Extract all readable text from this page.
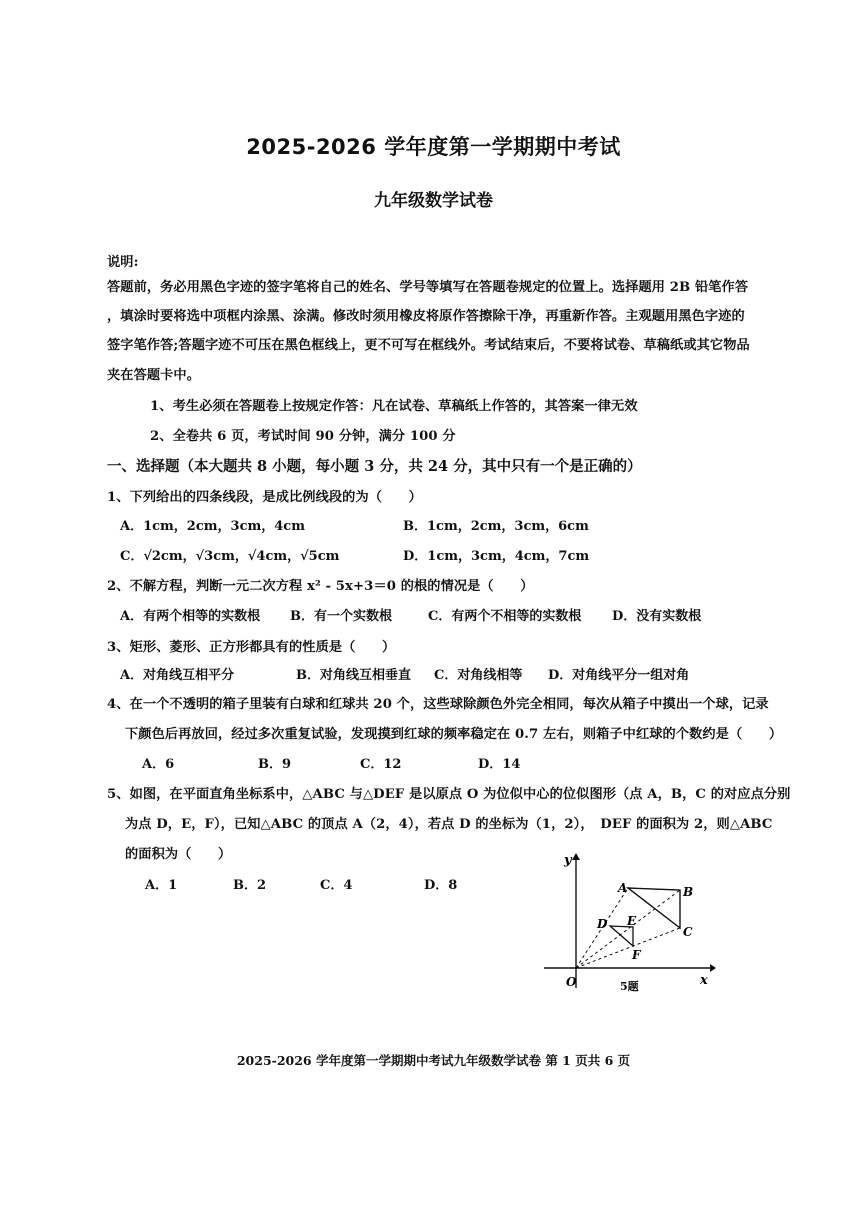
2025-2026 学年度第一学期期中考试
九年级数学试卷
说明:
答题前，务必用黑色字迹的签字笔将自己的姓名、学号等填写在答题卷规定的位置上。选择题用 2B 铅笔作答
，填涂时要将选中项框内涂黑、涂满。修改时须用橡皮将原作答擦除干净，再重新作答。主观题用黑色字迹的
签字笔作答;答题字迹不可压在黑色框线上，更不可写在框线外。考试结束后，不要将试卷、草稿纸或其它物品
夹在答题卡中。
1、考生必须在答题卷上按规定作答：凡在试卷、草稿纸上作答的，其答案一律无效
2、全卷共 6 页，考试时间 90 分钟，满分 100 分
一、选择题（本大题共 8 小题，每小题 3 分，共 24 分，其中只有一个是正确的）
1、下列给出的四条线段，是成比例线段的为（　　）
A．1cm，2cm，3cm，4cm	B．1cm，2cm，3cm，6cm
C．√2cm，√3cm，√4cm，√5cm	D．1cm，3cm，4cm，7cm
2、不解方程，判断一元二次方程 x² - 5x+3＝0 的根的情况是（　　）
A．有两个相等的实数根 B．有一个实数根	C．有两个不相等的实数根 D．没有实数根
3、矩形、菱形、正方形都具有的性质是（　　）
A．对角线互相平分	B．对角线互相垂直 C．对角线相等 D．对角线平分一组对角
4、在一个不透明的箱子里装有白球和红球共 20 个，这些球除颜色外完全相同，每次从箱子中摸出一个球，记录
下颜色后再放回，经过多次重复试验，发现摸到红球的频率稳定在 0.7 左右，则箱子中红球的个数约是（　　）
A．6	B．9	C．12	D．14
5、如图，在平面直角坐标系中，△ABC 与△DEF 是以原点 O 为位似中心的位似图形（点 A，B，C 的对应点分别
为点 D，E，F），已知△ABC 的顶点 A（2，4），若点 D 的坐标为（1，2），　DEF 的面积为 2，则△ABC
的面积为（　　）
A．1	B．2	C．4	D．8
y
x
O
A	B
C
D E
F
5题
2025-2026 学年度第一学期期中考试九年级数学试卷 第 1 页共 6 页
